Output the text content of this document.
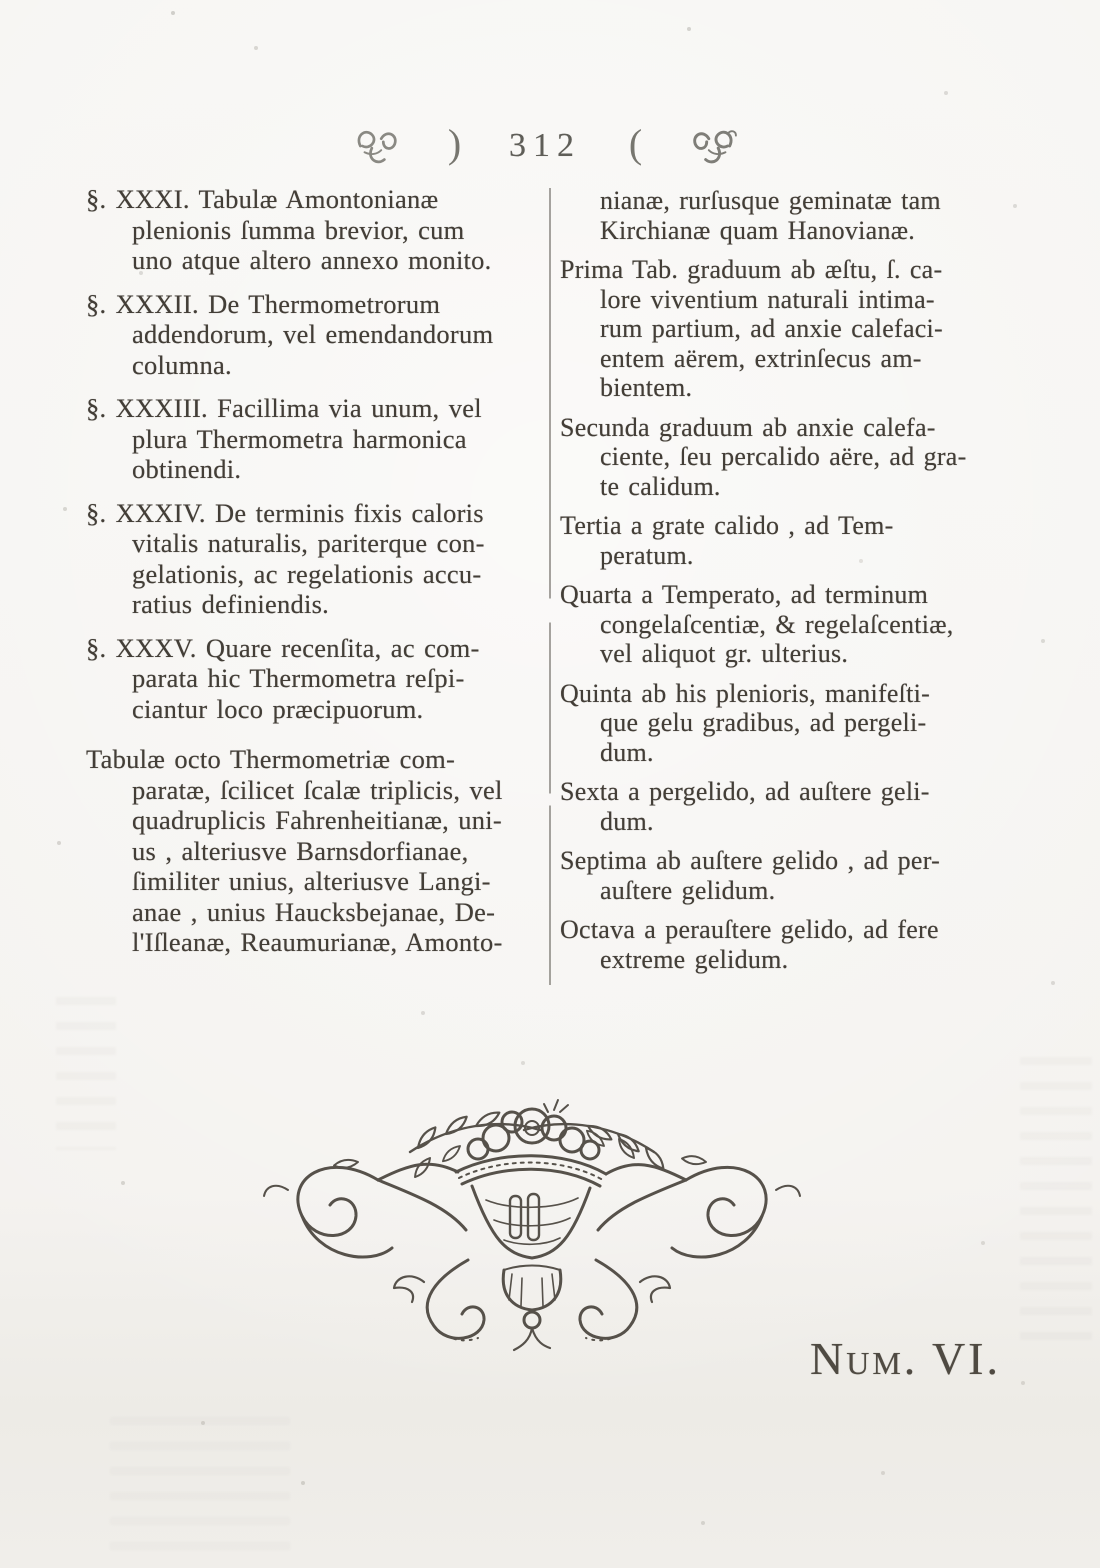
) 312 (

§. XXXI. Tabulæ Amontonianæ
plenionis ſumma brevior, cum
uno atque altero annexo monito.

§. XXXII. De Thermometrorum
addendorum, vel emendandorum
columna.

§. XXXIII. Facillima via unum, vel
plura Thermometra harmonica
obtinendi.

§. XXXIV. De terminis fixis caloris
vitalis naturalis, pariterque con-
gelationis, ac regelationis accu-
ratius definiendis.

§. XXXV. Quare recenſita, ac com-
parata hic Thermometra reſpi-
ciantur loco præcipuorum.

Tabulæ octo Thermometriæ com-
paratæ, ſcilicet ſcalæ triplicis, vel
quadruplicis Fahrenheitianæ, uni-
us , alteriusve Barnsdorfianae,
ſimiliter unius, alteriusve Langi-
anae , unius Haucksbejanae, De-
l'Iſleanæ, Reaumurianæ, Amonto-

nianæ, rurſusque geminatæ tam
Kirchianæ quam Hanovianæ.

Prima Tab. graduum ab æſtu, ſ. ca-
lore viventium naturali intima-
rum partium, ad anxie calefaci-
entem aërem, extrinſecus am-
bientem.

Secunda graduum ab anxie calefa-
ciente, ſeu percalido aëre, ad gra-
te calidum.

Tertia a grate calido , ad Tem-
peratum.

Quarta a Temperato, ad terminum
congelaſcentiæ, & regelaſcentiæ,
vel aliquot gr. ulterius.

Quinta ab his plenioris, manifeſti-
que gelu gradibus, ad pergeli-
dum.

Sexta a pergelido, ad auſtere geli-
dum.

Septima ab auſtere gelido , ad per-
auſtere gelidum.

Octava a perauſtere gelido, ad fere
extreme gelidum.

Num. VI.
